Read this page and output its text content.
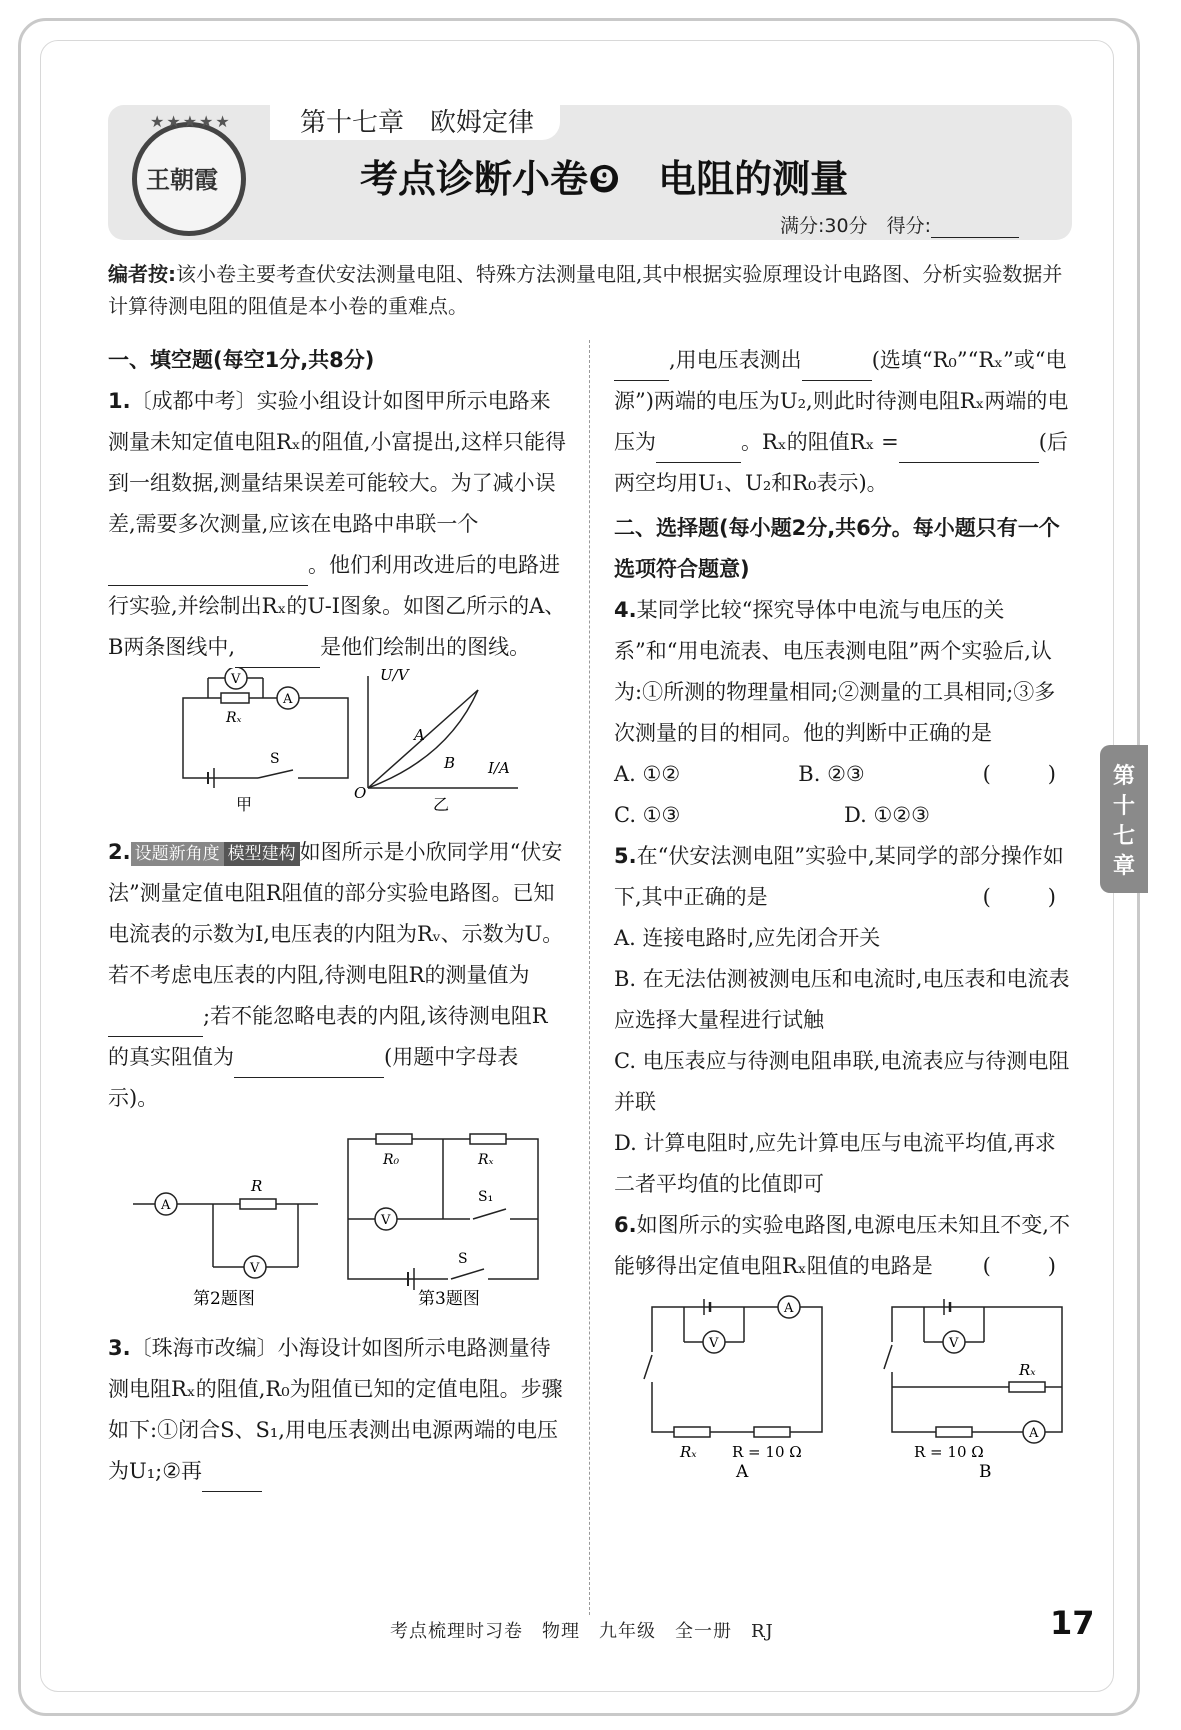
第十七章　欧姆定律
考点诊断小卷❾　电阻的测量
满分:30分　得分:
★★★★★
王朝霞
编者按:该小卷主要考查伏安法测量电阻、特殊方法测量电阻,其中根据实验原理设计电路图、分析实验数据并计算待测电阻的阻值是本小卷的重难点。
一、填空题(每空1分,共8分)
1.〔成都中考〕实验小组设计如图甲所示电路来测量未知定值电阻Rₓ的阻值,小富提出,这样只能得到一组数据,测量结果误差可能较大。为了减小误差,需要多次测量,应该在电路中串联一个。他们利用改进后的电路进行实验,并绘制出Rₓ的U-I图象。如图乙所示的A、B两条图线中,	是他们绘制出的图线。
V
Rₓ
A
S
甲
U/V
I/A
O
A
B
乙
2. 设题新角度 模型建构 如图所示是小欣同学用“伏安法”测量定值电阻R阻值的部分实验电路图。已知电流表的示数为I,电压表的内阻为Rᵥ、示数为U。若不考虑电压表的内阻,待测电阻R的测量值为;若不能忽略电表的内阻,该待测电阻R的真实阻值为	(用题中字母表示)。
A
R
V
第2题图
R₀	Rₓ
V
S₁
S
第3题图
3.〔珠海市改编〕小海设计如图所示电路测量待测电阻Rₓ的阻值,R₀为阻值已知的定值电阻。步骤如下:①闭合S、S₁,用电压表测出电源两端的电压为U₁;②再
,用电压表测出	(选填“R₀”“Rₓ”或“电源”)两端的电压为U₂,则此时待测电阻Rₓ两端的电压为	。Rₓ的阻值Rₓ =	(后两空均用U₁、U₂和R₀表示)。
二、选择题(每小题2分,共6分。每小题只有一个选项符合题意)
4.某同学比较“探究导体中电流与电压的关系”和“用电流表、电压表测电阻”两个实验后,认为:①所测的物理量相同;②测量的工具相同;③多次测量的目的相同。他的判断中正确的是
(　)
A. ①②	B. ②③
C. ①③	D. ①②③
5.在“伏安法测电阻”实验中,某同学的部分操作如下,其中正确的是	(　)
A. 连接电路时,应先闭合开关
B. 在无法估测被测电压和电流时,电压表和电流表应选择大量程进行试触
C. 电压表应与待测电阻串联,电流表应与待测电阻并联
D. 计算电阻时,应先计算电压与电流平均值,再求二者平均值的比值即可
6.如图所示的实验电路图,电源电压未知且不变,不能够得出定值电阻Rₓ阻值的电路是 (　)
V
A
Rₓ R = 10 Ω
A
V
Rₓ
A
R = 10 Ω
B
第十七章
考点梳理时习卷　物理　九年级　全一册　RJ	17
